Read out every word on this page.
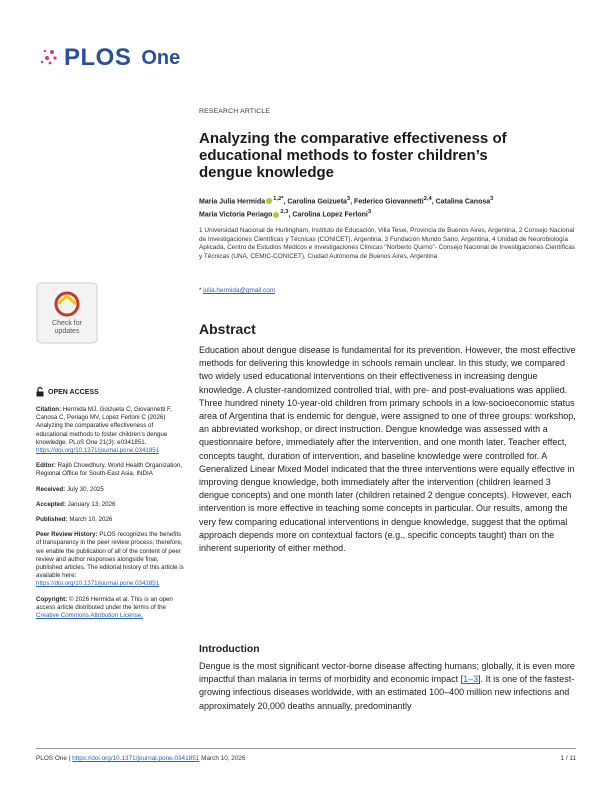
PLOS One
Check for
updates
OPEN ACCESS

Citation: Hermida MJ, Goizueta C, Giovannetti F, Canosa C, Periago MV, Lopez Ferloni C (2026) Analyzing the comparative effectiveness of educational methods to foster children’s dengue knowledge. PLoS One 21(3): e0341851. https://doi.org/10.1371/journal.pone.0341851

Editor: Rajib Chowdhury, World Health Organization, Regional Office for South-East Asia, INDIA

Received: July 30, 2025

Accepted: January 13, 2026

Published: March 10, 2026

Peer Review History: PLOS recognizes the benefits of transparency in the peer review process; therefore, we enable the publication of all of the content of peer review and author responses alongside final, published articles. The editorial history of this article is available here: https://doi.org/10.1371/journal.pone.0341851

Copyright: © 2026 Hermida et al. This is an open access article distributed under the terms of the Creative Commons Attribution License,

RESEARCH ARTICLE
Analyzing the comparative effectiveness of educational methods to foster children’s dengue knowledge
Maria Julia Hermida $^{1,2*}$, Carolina Goizueta$^3$, Federico Giovannetti$^{2,4}$, Catalina Canosa$^3$
Maria Victoria Periago $^{2,3}$, Carolina Lopez Ferloni$^3$
1 Universidad Nacional de Hurlingham, Instituto de Educación, Villa Tesei, Provincia de Buenos Aires, Argentina, 2 Consejo Nacional de Investigaciones Científicas y Técnicas (CONICET), Argentina, 3 Fundación Mundo Sano, Argentina, 4 Unidad de Neurobiología Aplicada, Centro de Estudios Médicos e Investigaciones Clínicas "Norberto Quirno"- Consejo Nacional de Investigaciones Científicas y Técnicas (UNA, CEMIC-CONICET), Ciudad Autónoma de Buenos Aires, Argentina
* julia.hermida@gmail.com
Abstract
Education about dengue disease is fundamental for its prevention. However, the most effective methods for delivering this knowledge in schools remain unclear. In this study, we compared two widely used educational interventions on their effectiveness in increasing dengue knowledge. A cluster-randomized controlled trial, with pre- and post-evaluations was applied. Three hundred ninety 10-year-old children from primary schools in a low-socioeconomic status area of Argentina that is endemic for dengue, were assigned to one of three groups: workshop, an abbreviated workshop, or direct instruction. Dengue knowledge was assessed with a questionnaire before, immediately after the intervention, and one month later. Teacher effect, concepts taught, duration of intervention, and baseline knowledge were controlled for. A Generalized Linear Mixed Model indicated that the three interventions were equally effective in improving dengue knowledge, both immediately after the intervention (children learned 3 dengue concepts) and one month later (children retained 2 dengue concepts). However, each intervention is more effective in teaching some concepts in particular. Our results, among the very few comparing educational interventions in dengue knowledge, suggest that the optimal approach depends more on contextual factors (e.g., specific concepts taught) than on the inherent superiority of either method.
Introduction
Dengue is the most significant vector-borne disease affecting humans; globally, it is even more impactful than malaria in terms of morbidity and economic impact [1–3]. It is one of the fastest-growing infectious diseases worldwide, with an estimated 100–400 million new infections and approximately 20,000 deaths annually, predominantly
PLOS One | https://doi.org/10.1371/journal.pone.0341851 March 10, 2026	1 / 11
